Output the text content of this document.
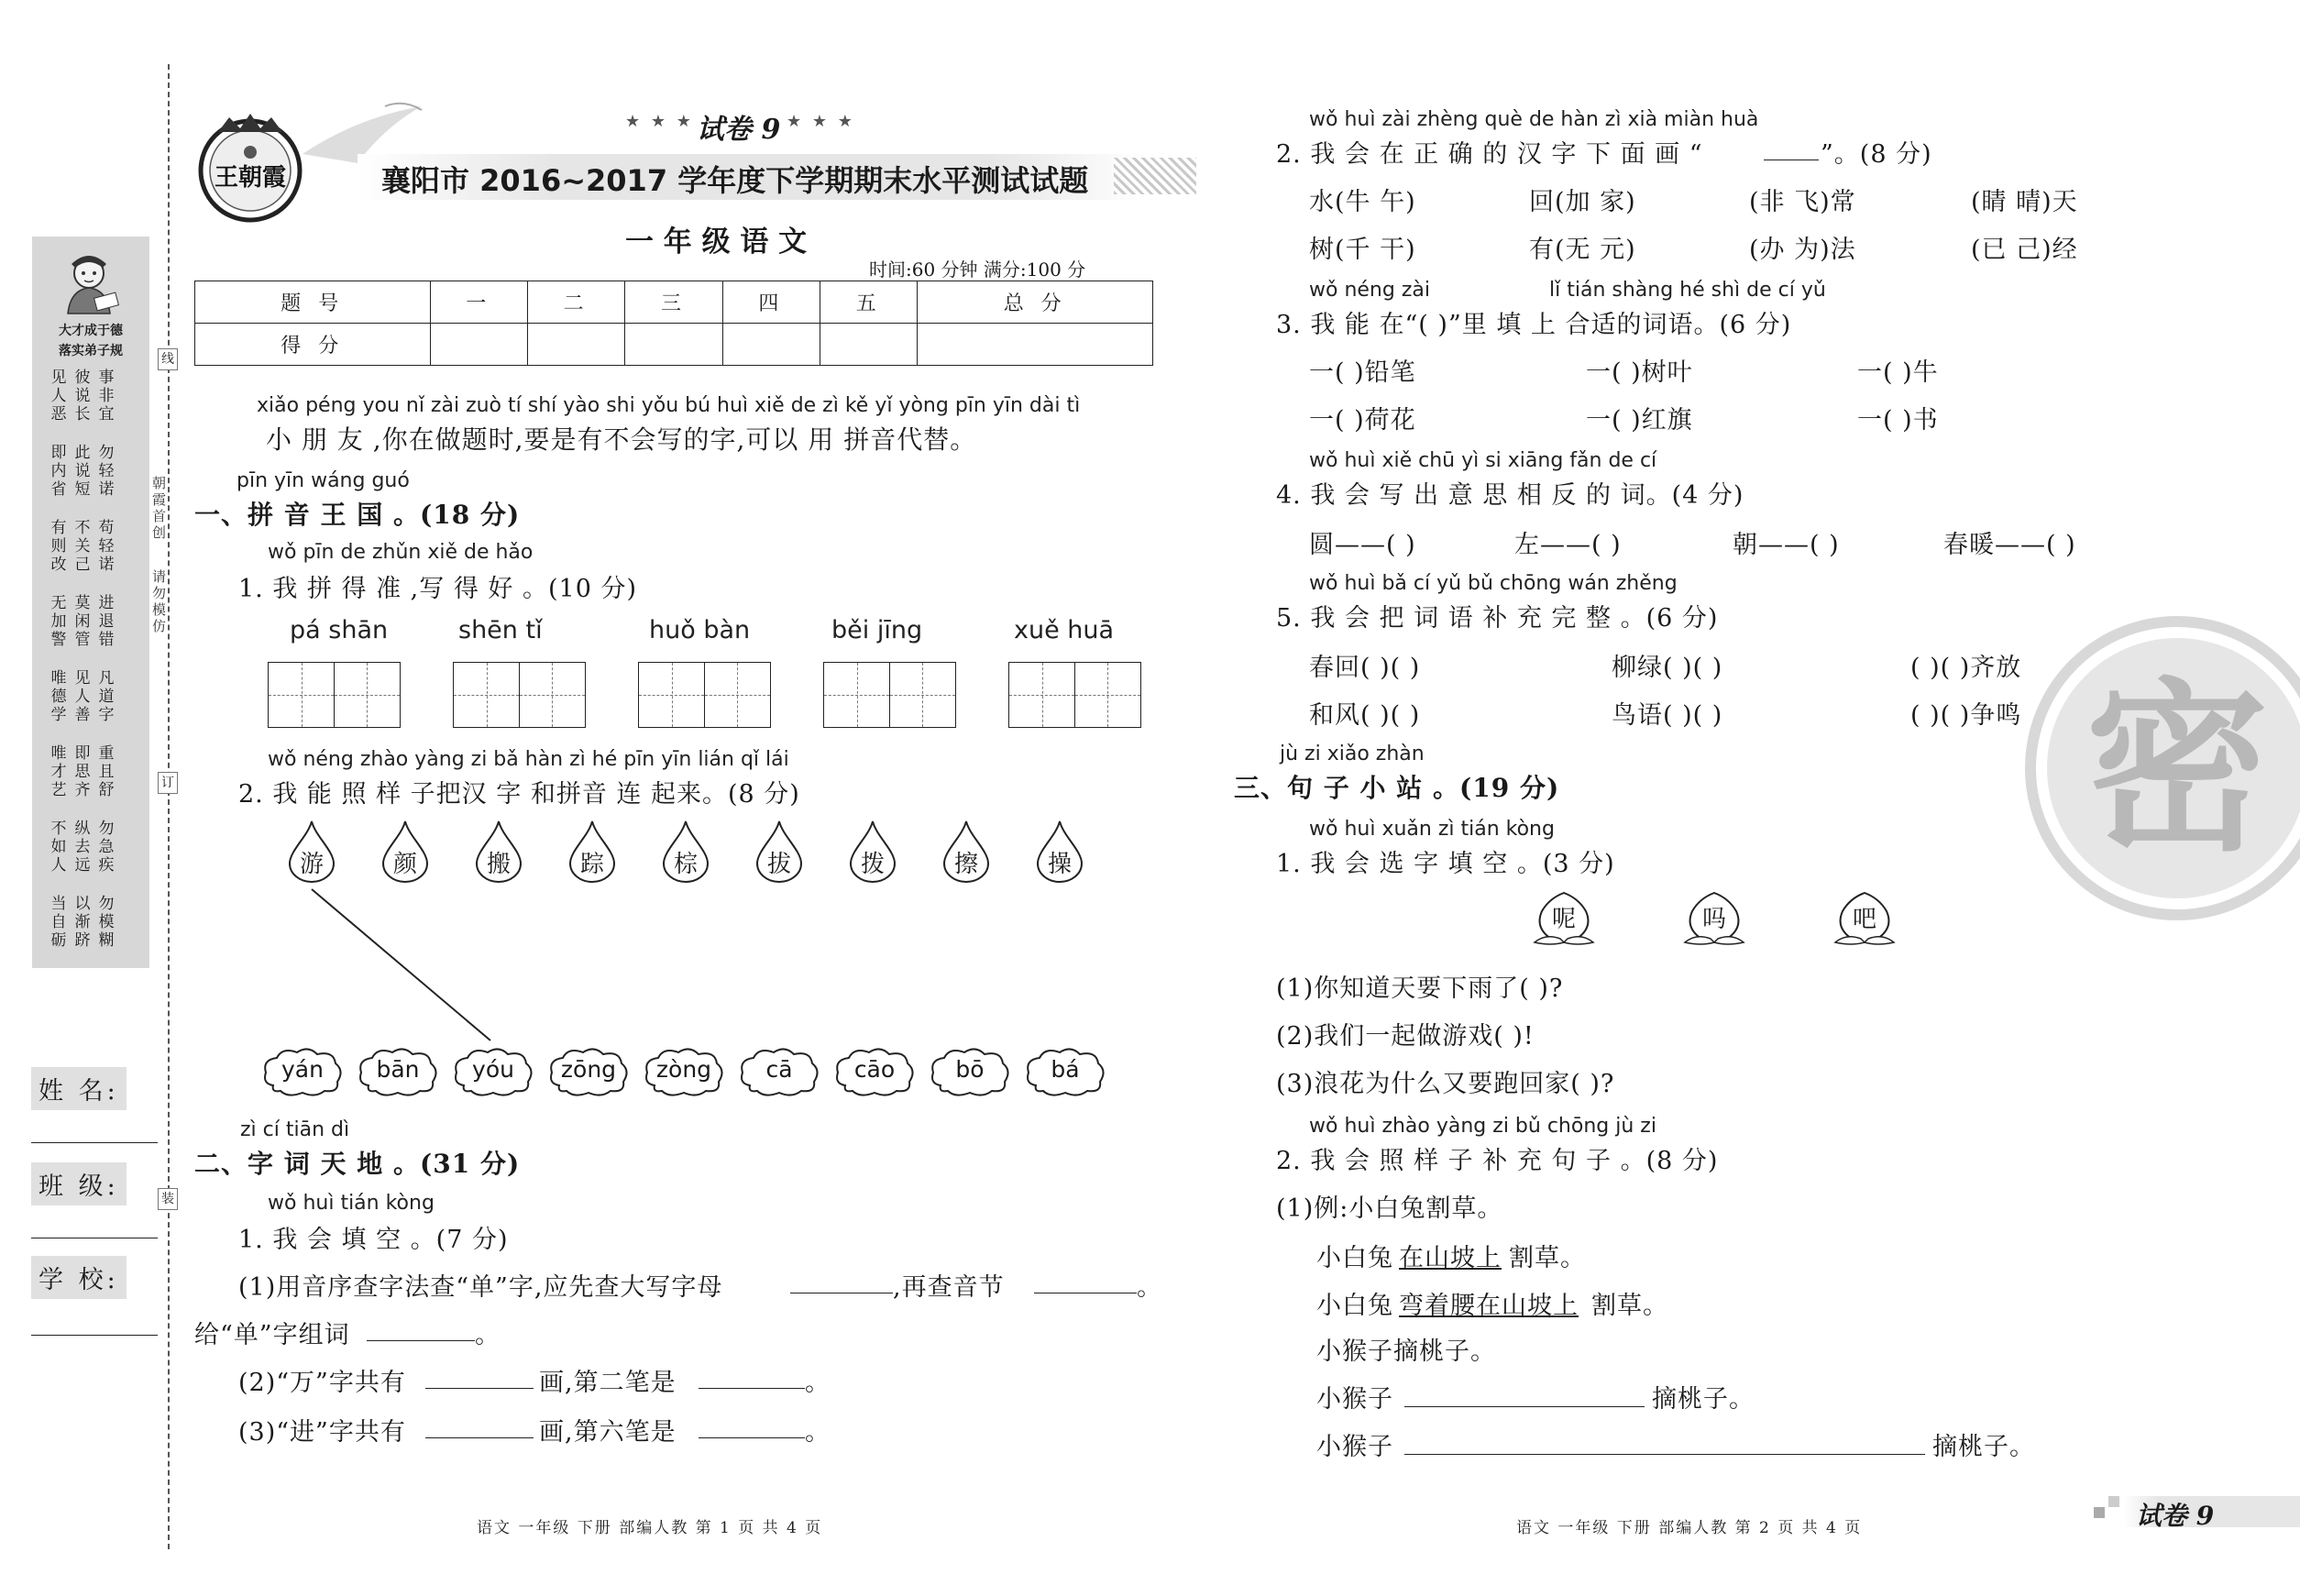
大才成于德
落实弟子规
见人恶
彼说长
事非宜
即内省
此说短
勿轻诺
有则改
不关己
苟轻诺
无加警
莫闲管
进退错
唯德学
见人善
凡道字
唯才艺
即思齐
重且舒
不如人
纵去远
勿急疾
当自砺
以渐跻
勿模糊
朝霞首创
请勿模仿
线
订
装
姓 名:
班 级:
学 校:
王朝霞
★ ★ ★ 试卷 9 ★ ★ ★
襄阳市 2016~2017 学年度下学期期末水平测试试题
一 年 级 语 文
时间:60 分钟 满分:100 分
题 号	一	二	三	四	五	总 分
得 分						
xiǎo péng you nǐ zài zuò tí shí yào shi yǒu bú huì xiě de zì kě yǐ yòng pīn yīn dài tì
小 朋 友 ,你在做题时,要是有不会写的字,可以 用 拼音代替。
pīn yīn wáng guó
一、拼 音 王 国 。(18 分)
wǒ pīn de zhǔn xiě de hǎo
1. 我 拼 得 准 ,写 得 好 。(10 分)
pá shān	shēn tǐ	huǒ bàn	běi jīng	xuě huā
wǒ néng zhào yàng zi bǎ hàn zì hé pīn yīn lián qǐ lái
2. 我 能 照 样 子把汉 字 和拼音 连 起来。(8 分)
游	颜	搬	踪	棕	拔	拨	擦	操
yán	bān	yóu	zōng	zòng	cā	cāo	bō	bá
zì cí tiān dì
二、字 词 天 地 。(31 分)
wǒ huì tián kòng
1. 我 会 填 空 。(7 分)
(1)用音序查字法查“单”字,应先查大写字母	,再查音节	。
给“单”字组词	。
(2)“万”字共有	画,第二笔是	。
(3)“进”字共有	画,第六笔是	。
语文 一年级 下册 部编人教 第 1 页 共 4 页
wǒ huì zài zhèng què de hàn zì xià miàn huà
2. 我 会 在 正 确 的 汉 字 下 面 画 “	”。(8 分)
水(牛 午)	回(加 家)	(非 飞)常	(睛 晴)天
树(千 干)	有(无 元)	(办 为)法	(已 己)经
wǒ néng zài	lǐ tián shàng hé shì de cí yǔ
3. 我 能 在“( )”里 填 上 合适的词语。(6 分)
一( )铅笔	一( )树叶	一( )牛
一( )荷花	一( )红旗	一( )书
wǒ huì xiě chū yì si xiāng fǎn de cí
4. 我 会 写 出 意 思 相 反 的 词。(4 分)
圆——( )	左——( )	朝——( )	春暖——( )
wǒ huì bǎ cí yǔ bǔ chōng wán zhěng
5. 我 会 把 词 语 补 充 完 整 。(6 分)
春回( )( )	柳绿( )( )	( )( )齐放
和风( )( )	鸟语( )( )	( )( )争鸣
jù zi xiǎo zhàn
三、句 子 小 站 。(19 分)
wǒ huì xuǎn zì tián kòng
1. 我 会 选 字 填 空 。(3 分)
呢	吗	吧
(1)你知道天要下雨了( )?
(2)我们一起做游戏( )!
(3)浪花为什么又要跑回家( )?
wǒ huì zhào yàng zi bǔ chōng jù zi
2. 我 会 照 样 子 补 充 句 子 。(8 分)
(1)例:小白兔割草。
小白兔 在山坡上 割草。
小白兔 弯着腰在山坡上 割草。
小猴子摘桃子。
小猴子	摘桃子。
小猴子	摘桃子。
语文 一年级 下册 部编人教 第 2 页 共 4 页	试卷 9
密
